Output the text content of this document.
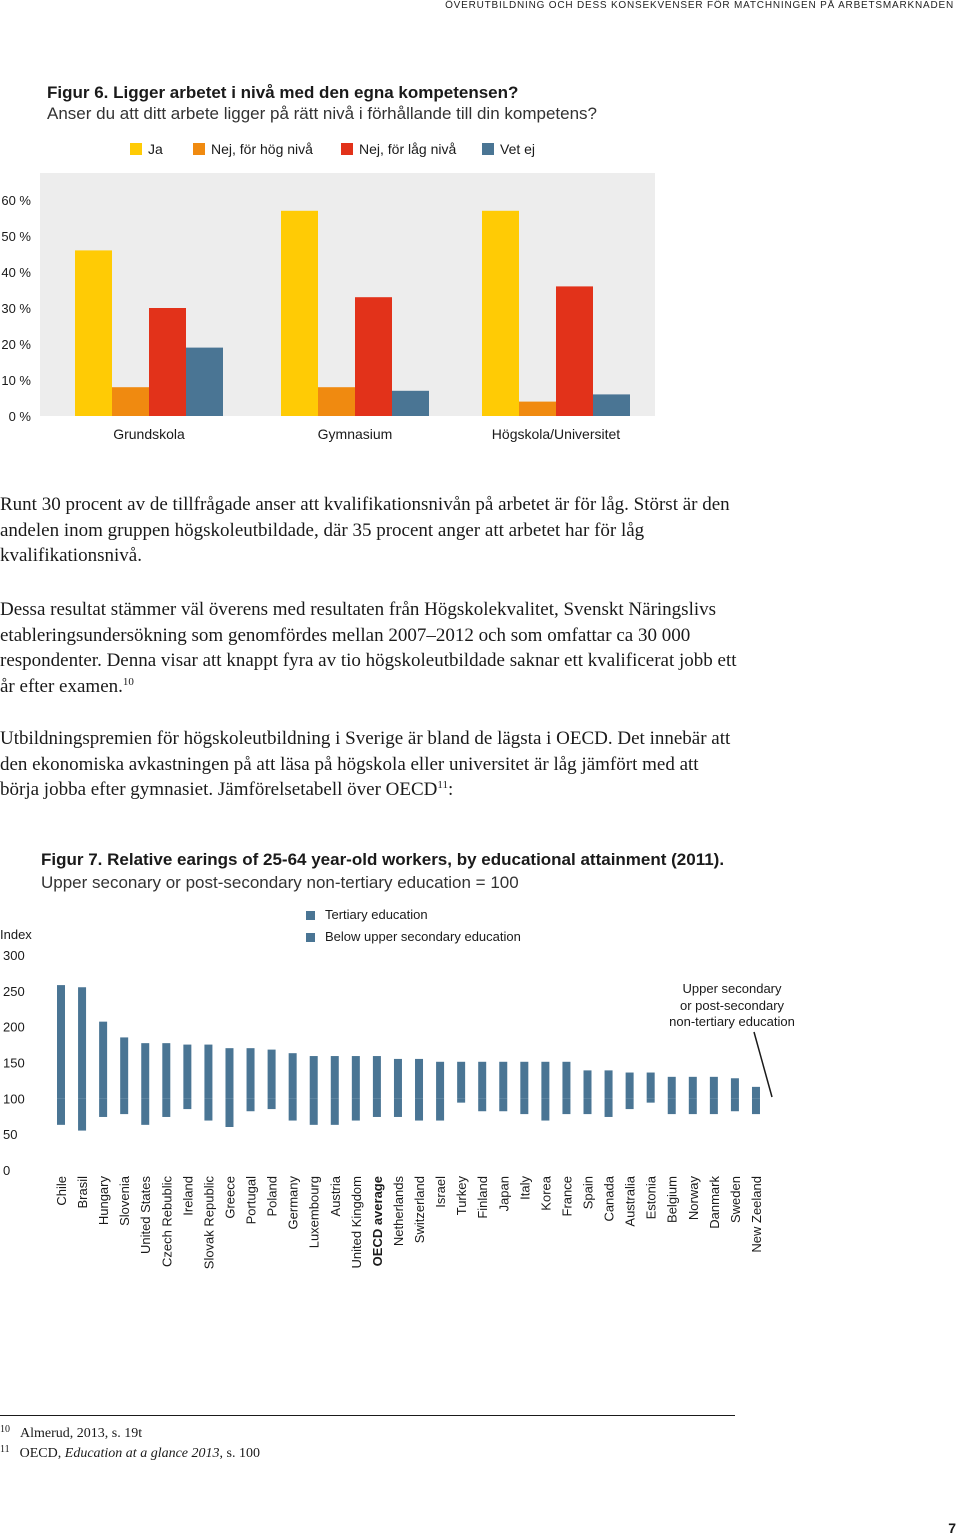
ÖVERUTBILDNING OCH DESS KONSEKVENSER FÖR MATCHNINGEN PÅ ARBETSMARKNADEN
Figur 6. Ligger arbetet i nivå med den egna kompetensen?
Anser du att ditt arbete ligger på rätt nivå i förhållande till din kompetens?
Ja	Nej, för hög nivå	Nej, för låg nivå	Vet ej
0 %
10 %
20 %
30 %
40 %
50 %
60 %
Grundskola	Gymnasium	Högskola/Universitet

Runt 30 procent av de tillfrågade anser att kvalifikationsnivån på arbetet är för låg. Störst är den andelen inom gruppen högskoleutbildade, där 35 procent anger att arbetet har för låg kvalifikationsnivå.

Dessa resultat stämmer väl överens med resultaten från Högskolekvalitet, Svenskt Näringslivs etableringsundersökning som genomfördes mellan 2007–2012 och som omfattar ca 30 000 respondenter. Denna visar att knappt fyra av tio högskoleutbildade saknar ett kvalificerat jobb ett år efter examen.$^{10}$

Utbildningspremien för högskoleutbildning i Sverige är bland de lägsta i OECD. Det innebär att den ekonomiska avkastningen på att läsa på högskola eller universitet är låg jämfört med att börja jobba efter gymnasiet. Jämförelsetabell över OECD$^{11}$:

Figur 7. Relative earings of 25-64 year-old workers, by educational attainment (2011).
Upper seconary or post-secondary non-tertiary education = 100
Tertiary education
Below upper secondary education
Index
0
50
100
150
200
250
300
Chile Brasil Hungary Slovenia United States Czech Rebublic Ireland Slovak Republic Greece Portugal Poland Germany Luxembourg Austria United Kingdom OECD average Netherlands Switzerland Israel Turkey Finland Japan Italy Korea France Spain Canada Australia Estonia Belgium Norway Danmark Sweden New Zeeland
Upper secondary
or post-secondary
non-tertiary education
$^{10}$ Almerud, 2013, s. 19t
$^{11}$ OECD, Education at a glance 2013, s. 100
7
